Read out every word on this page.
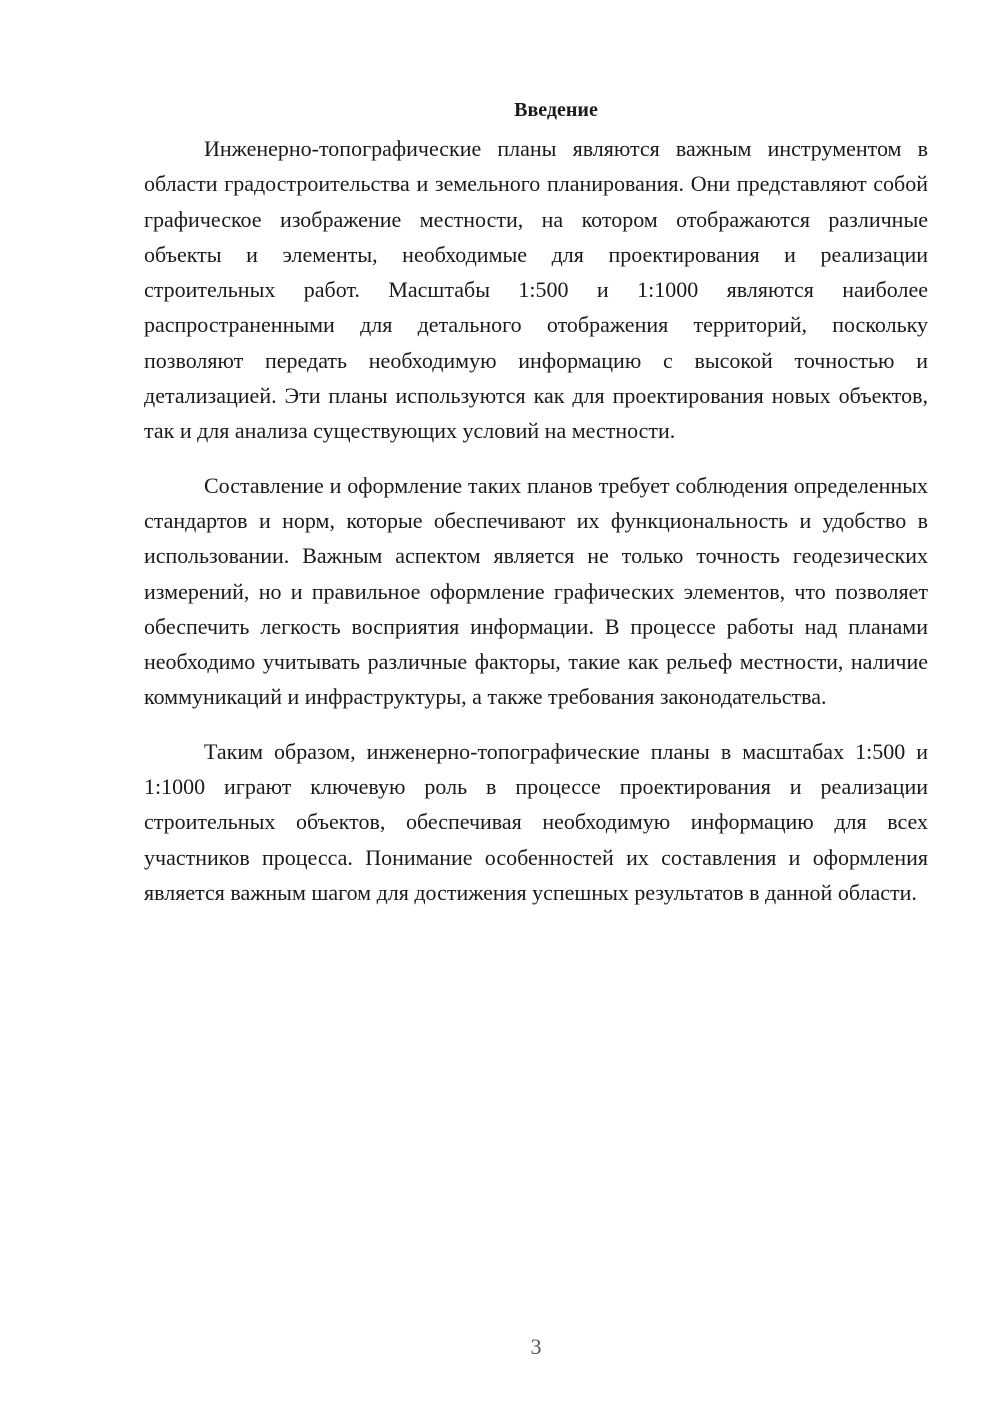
Введение

Инженерно-топографические планы являются важным инструментом в области градостроительства и земельного планирования. Они представляют собой графическое изображение местности, на котором отображаются различные объекты и элементы, необходимые для проектирования и реализации строительных работ. Масштабы 1:500 и 1:1000 являются наиболее распространенными для детального отображения территорий, поскольку позволяют передать необходимую информацию с высокой точностью и детализацией. Эти планы используются как для проектирования новых объектов, так и для анализа существующих условий на местности.

Составление и оформление таких планов требует соблюдения определенных стандартов и норм, которые обеспечивают их функциональность и удобство в использовании. Важным аспектом является не только точность геодезических измерений, но и правильное оформление графических элементов, что позволяет обеспечить легкость восприятия информации. В процессе работы над планами необходимо учитывать различные факторы, такие как рельеф местности, наличие коммуникаций и инфраструктуры, а также требования законодательства.

Таким образом, инженерно-топографические планы в масштабах 1:500 и 1:1000 играют ключевую роль в процессе проектирования и реализации строительных объектов, обеспечивая необходимую информацию для всех участников процесса. Понимание особенностей их составления и оформления является важным шагом для достижения успешных результатов в данной области.

3
